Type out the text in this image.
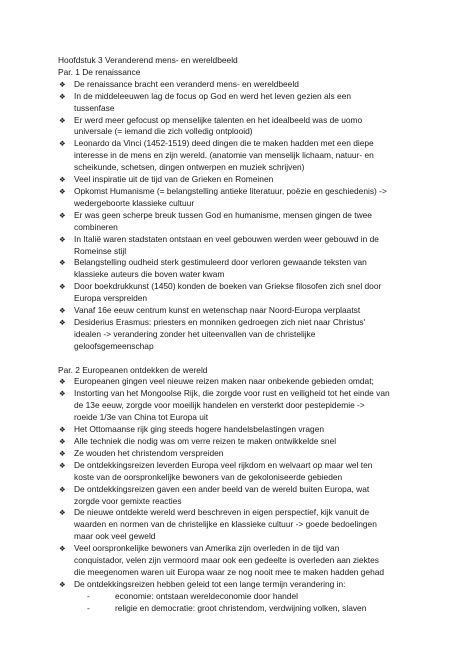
Hoofdstuk 3 Veranderend mens- en wereldbeeld

Par. 1 De renaissance

❖ De renaissance bracht een veranderd mens- en wereldbeeld

❖ In de middeleeuwen lag de focus op God en werd het leven gezien als een

tussenfase

❖ Er werd meer gefocust op menselijke talenten en het idealbeeld was de uomo

universale (= iemand die zich volledig ontplooid)

❖ Leonardo da Vinci (1452-1519) deed dingen die te maken hadden met een diepe

interesse in de mens en zijn wereld. (anatomie van menselijk lichaam, natuur- en

scheikunde, schetsen, dingen ontwerpen en muziek schrijven)

❖ Veel inspiratie uit de tijd van de Grieken en Romeinen

❖ Opkomst Humanisme (= belangstelling antieke literatuur, poëzie en geschiedenis) ->

wedergeboorte klassieke cultuur

❖ Er was geen scherpe breuk tussen God en humanisme, mensen gingen de twee

combineren

❖ In Italië waren stadstaten ontstaan en veel gebouwen werden weer gebouwd in de

Romeinse stijl

❖ Belangstelling oudheid sterk gestimuleerd door verloren gewaande teksten van

klassieke auteurs die boven water kwam

❖ Door boekdrukkunst (1450) konden de boeken van Griekse filosofen zich snel door

Europa verspreiden

❖ Vanaf 16e eeuw centrum kunst en wetenschap naar Noord-Europa verplaatst

❖ Desiderius Erasmus: priesters en monniken gedroegen zich niet naar Christus'

idealen -> verandering zonder het uiteenvallen van de christelijke

geloofsgemeenschap

Par. 2 Europeanen ontdekken de wereld

❖ Europeanen gingen veel nieuwe reizen maken naar onbekende gebieden omdat;

❖ Instorting van het Mongoolse Rijk, die zorgde voor rust en veiligheid tot het einde van

de 13e eeuw, zorgde voor moeilijk handelen en versterkt door pestepidemie ->

roeide 1/3e van China tot Europa uit

❖ Het Ottomaanse rijk ging steeds hogere handelsbelastingen vragen

❖ Alle techniek die nodig was om verre reizen te maken ontwikkelde snel

❖ Ze wouden het christendom verspreiden

❖ De ontdekkingsreizen leverden Europa veel rijkdom en welvaart op maar wel ten

koste van de oorspronkelijke bewoners van de gekoloniseerde gebieden

❖ De ontdekkingsreizen gaven een ander beeld van de wereld buiten Europa, wat

zorgde voor gemixte reacties

❖ De nieuwe ontdekte wereld werd beschreven in eigen perspectief, kijk vanuit de

waarden en normen van de christelijke en klassieke cultuur -> goede bedoelingen

maar ook veel geweld

❖ Veel oorspronkelijke bewoners van Amerika zijn overleden in de tijd van

conquistador, velen zijn vermoord maar ook een gedeelte is overleden aan ziektes

die meegenomen waren uit Europa waar ze nog nooit mee te maken hadden gehad

❖ De ontdekkingsreizen hebben geleid tot een lange termijn verandering in:

-	economie: ontstaan wereldeconomie door handel

-	religie en democratie: groot christendom, verdwijning volken, slaven
